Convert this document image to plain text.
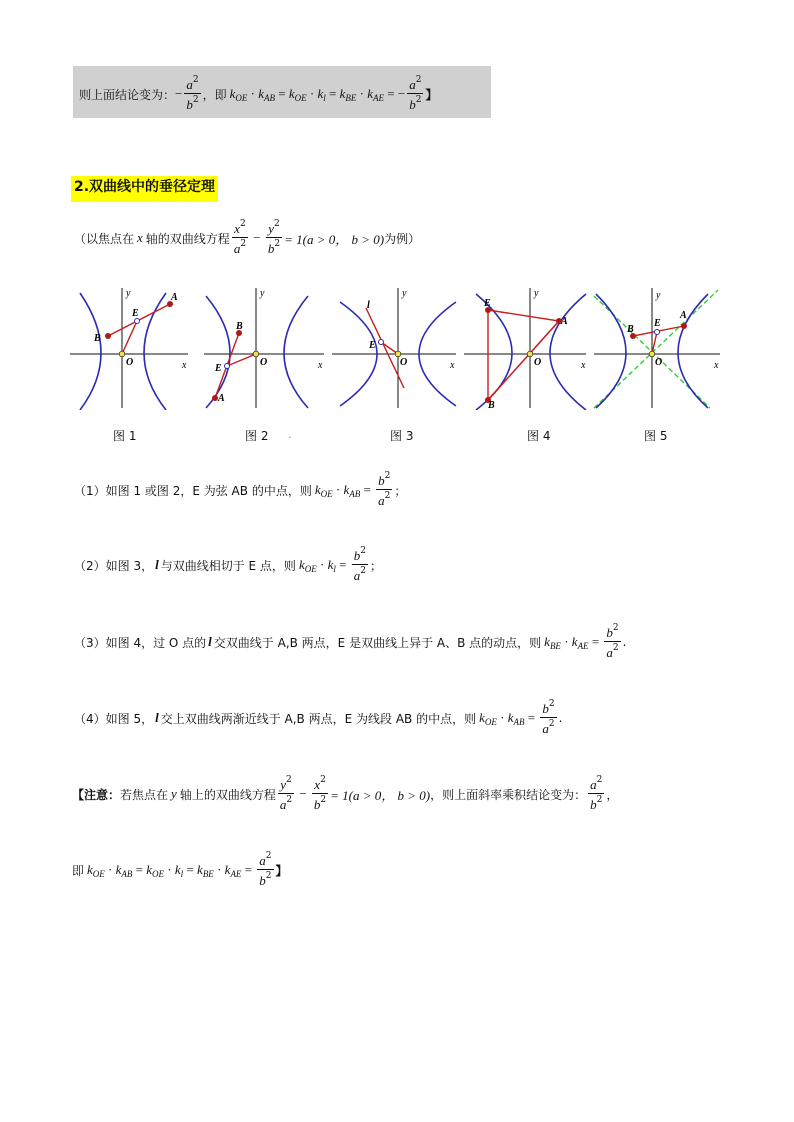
则上面结论变为： − $\frac{a^2}{b^2}$ ，即 $k_{OE} \cdot k_{AB} = k_{OE} \cdot k_l = k_{BE} \cdot k_{AE}$ = − $\frac{a^2}{b^2}$ 】
2.双曲线中的垂径定理
（以焦点在 x 轴的双曲线方程 $\frac{x^2}{a^2} - \frac{y^2}{b^2} = 1(a > 0$， b > 0) 为例）
x
y
B
A
E
O	x
y
A
B
E
O	x
y
l
E
O	x
y
E
A
B
O	x
y
B
A
E
O
图 1	图 2 .	图 3	图 4	图 5
（1）如图 1 或图 2，E 为弦 AB 的中点，则 $k_{OE} \cdot k_{AB} = \frac{b^2}{a^2}$ ；
（2）如图 3， l 与双曲线相切于 E 点，则 $k_{OE} \cdot k_l = \frac{b^2}{a^2}$ ；
（3）如图 4，过 O 点的 l 交双曲线于 A,B 两点，E 是双曲线上异于 A、B 点的动点，则 $k_{BE} \cdot k_{AE} = \frac{b^2}{a^2}$ .
（4）如图 5， l 交上双曲线两渐近线于 A,B 两点，E 为线段 AB 的中点，则 $k_{OE} \cdot k_{AB} = \frac{b^2}{a^2}$ .
【注意 ： 若焦点在 y 轴上的双曲线方程 $\frac{y^2}{a^2} - \frac{x^2}{b^2} = 1(a > 0$， b > 0) ，则上面斜率乘积结论变为： $\frac{a^2}{b^2}$ ，
即 $k_{OE} \cdot k_{AB} = k_{OE} \cdot k_l = k_{BE} \cdot k_{AE} = \frac{a^2}{b^2}$ 】
